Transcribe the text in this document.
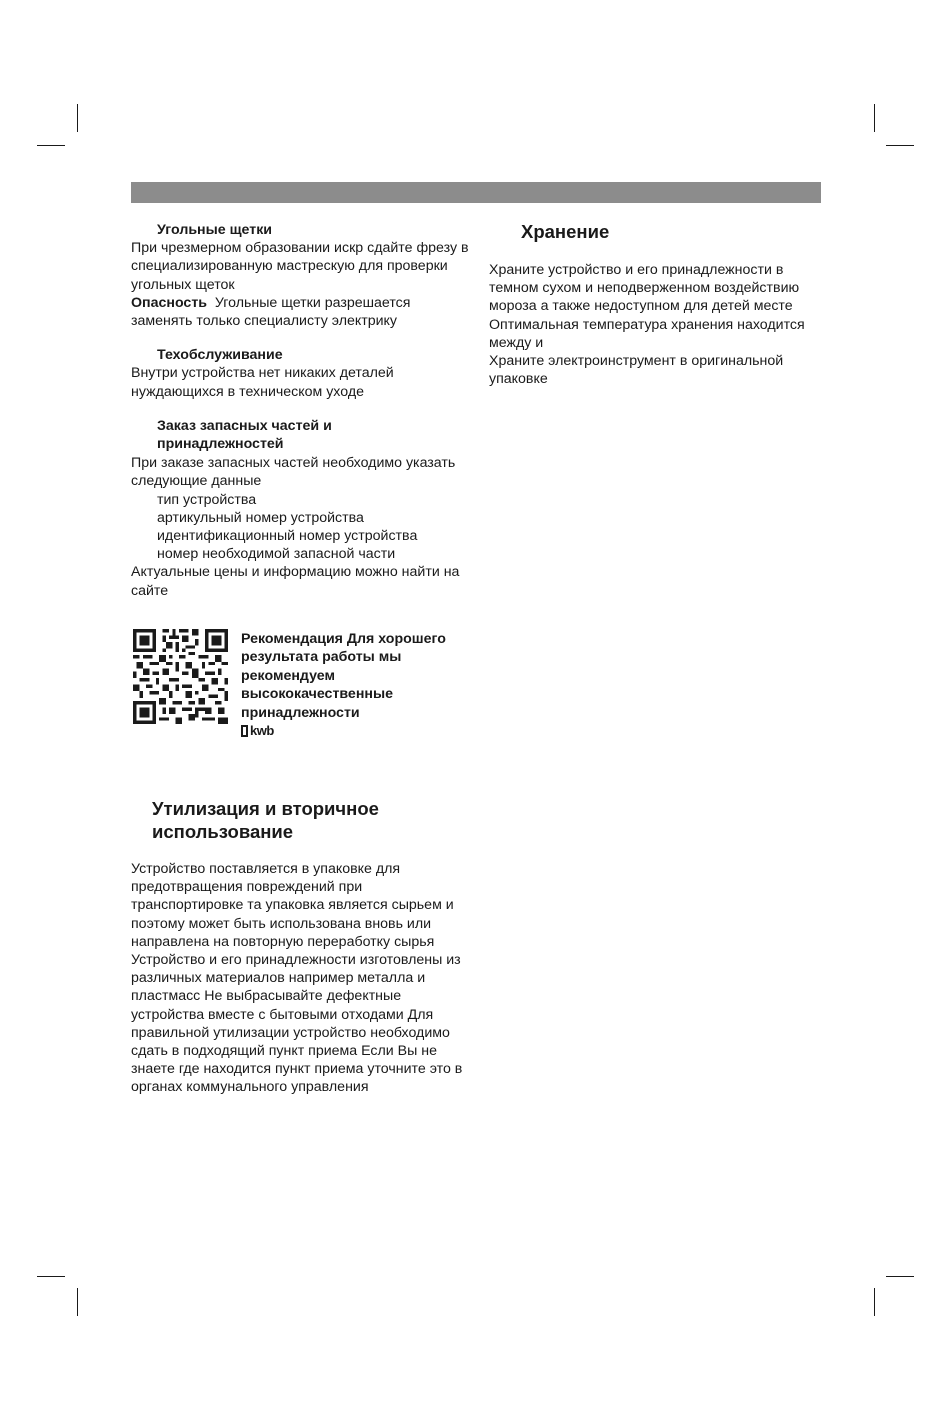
Угольные щетки

При чрезмерном образовании искр сдайте фрезу в специализированную мастрескую для проверки угольных щеток

Опасность Угольные щетки разрешается заменять только специалисту электрику

Техобслуживание

Внутри устройства нет никаких деталей нуждающихся в техническом уходе

Заказ запасных частей и
принадлежностей

При заказе запасных частей необходимо указать следующие данные

тип устройства
артикульный номер устройства
идентификационный номер устройства
номер необходимой запасной части

Актуальные цены и информацию можно найти на сайте

Рекомендация Для хорошего результата работы мы рекомендуем высококачественные принадлежности

kwb
Хранение

Храните устройство и его принадлежности в темном сухом и неподверженном воздействию мороза а также недоступном для детей месте Оптимальная температура хранения находится между и

Храните электроинструмент в оригинальной упаковке

Утилизация и вторичное использование
Устройство поставляется в упаковке для предотвращения повреждений при транспортировке та упаковка является сырьем и поэтому может быть использована вновь или направлена на повторную переработку сырья Устройство и его принадлежности изготовлены из различных материалов например металла и пластмасс Не выбрасывайте дефектные устройства вместе с бытовыми отходами Для правильной утилизации устройство необходимо сдать в подходящий пункт приема Если Вы не знаете где находится пункт приема уточните это в органах коммунального управления
